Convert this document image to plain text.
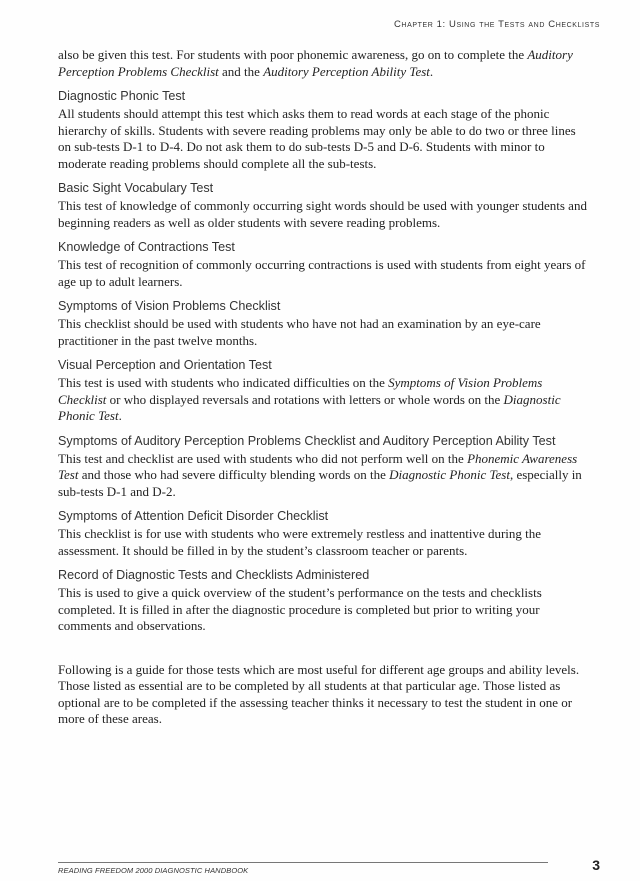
Chapter 1: Using the Tests and Checklists

also be given this test. For students with poor phonemic awareness, go on to complete the Auditory Perception Problems Checklist and the Auditory Perception Ability Test.

Diagnostic Phonic Test

All students should attempt this test which asks them to read words at each stage of the phonic hierarchy of skills. Students with severe reading problems may only be able to do two or three lines on sub-tests D-1 to D-4. Do not ask them to do sub-tests D-5 and D-6. Students with minor to moderate reading problems should complete all the sub-tests.

Basic Sight Vocabulary Test

This test of knowledge of commonly occurring sight words should be used with younger students and beginning readers as well as older students with severe reading problems.

Knowledge of Contractions Test

This test of recognition of commonly occurring contractions is used with students from eight years of age up to adult learners.

Symptoms of Vision Problems Checklist

This checklist should be used with students who have not had an examination by an eye-care practitioner in the past twelve months.

Visual Perception and Orientation Test

This test is used with students who indicated difficulties on the Symptoms of Vision Problems Checklist or who displayed reversals and rotations with letters or whole words on the Diagnostic Phonic Test.

Symptoms of Auditory Perception Problems Checklist and Auditory Perception Ability Test

This test and checklist are used with students who did not perform well on the Phonemic Awareness Test and those who had severe difficulty blending words on the Diagnostic Phonic Test, especially in sub-tests D-1 and D-2.

Symptoms of Attention Deficit Disorder Checklist

This checklist is for use with students who were extremely restless and inattentive during the assessment. It should be filled in by the student’s classroom teacher or parents.

Record of Diagnostic Tests and Checklists Administered

This is used to give a quick overview of the student’s performance on the tests and checklists completed. It is filled in after the diagnostic procedure is completed but prior to writing your comments and observations.

Following is a guide for those tests which are most useful for different age groups and ability levels. Those listed as essential are to be completed by all students at that particular age. Those listed as optional are to be completed if the assessing teacher thinks it necessary to test the student in one or more of these areas.

READING FREEDOM 2000 DIAGNOSTIC HANDBOOK	3
